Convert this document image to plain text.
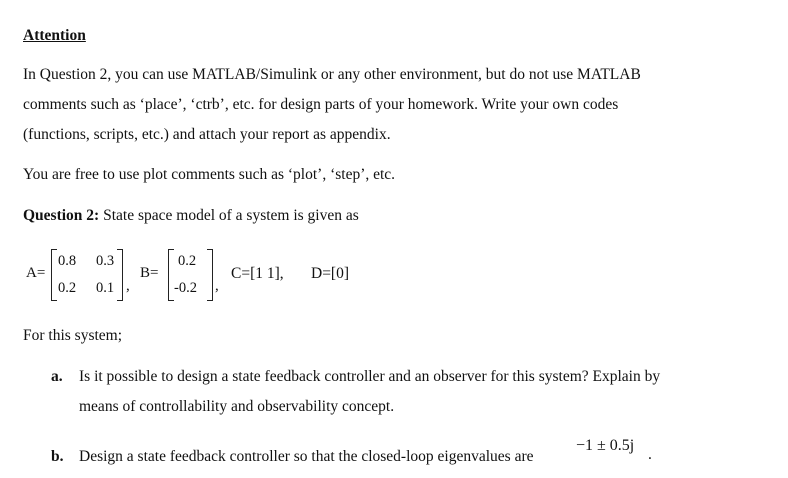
Attention
In Question 2, you can use MATLAB/Simulink or any other environment, but do not use MATLAB
comments such as ‘place’, ‘ctrb’, etc. for design parts of your homework. Write your own codes
(functions, scripts, etc.) and attach your report as appendix.
You are free to use plot comments such as ‘plot’, ‘step’, etc.
Question 2: State space model of a system is given as
A=
0.8 0.3
0.2 0.1 ,
B=
0.2
-0.2 ,
C=[1 1], D=[0]
For this system;
a. Is it possible to design a state feedback controller and an observer for this system? Explain by
means of controllability and observability concept.
b. Design a state feedback controller so that the closed-loop eigenvalues are
−1 ± 0.5j
.
